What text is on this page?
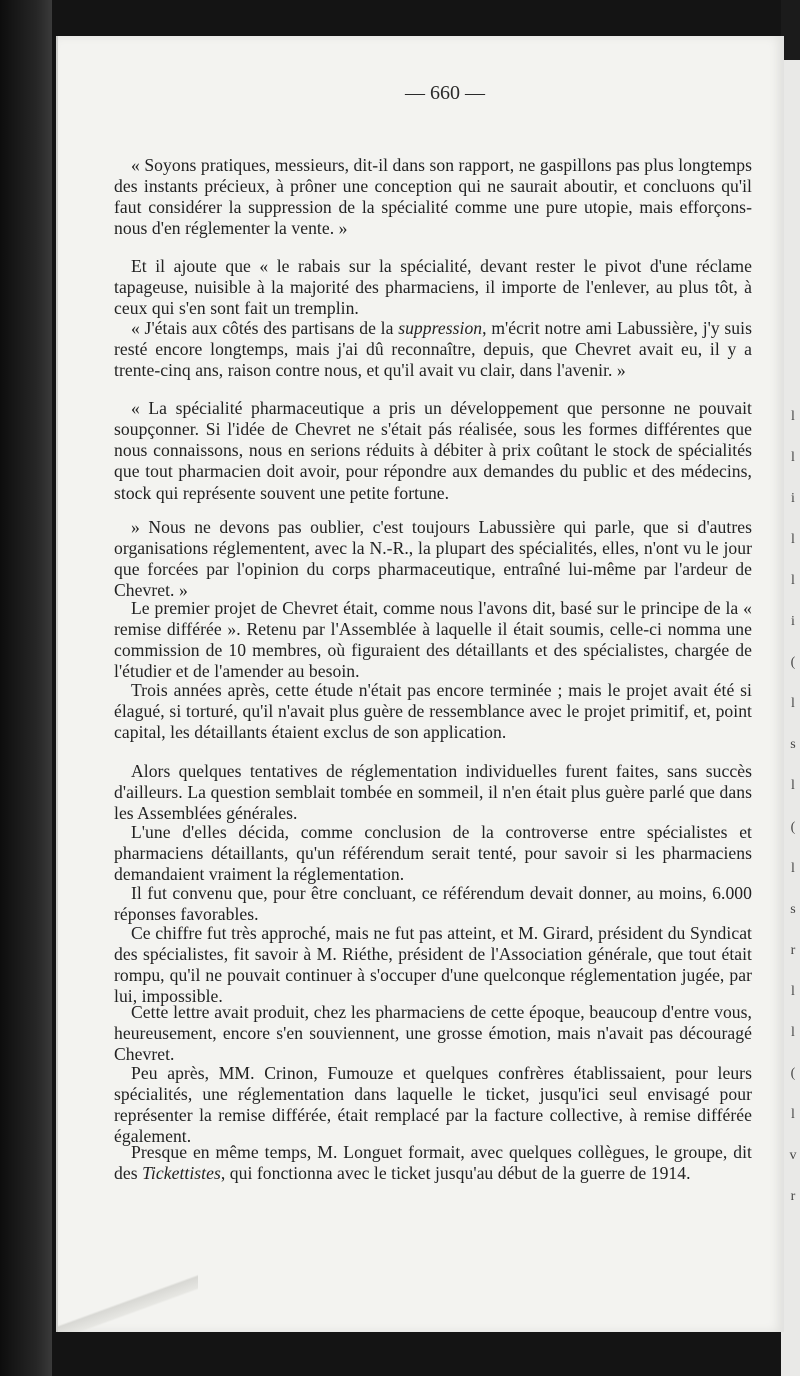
— 660 —
« Soyons pratiques, messieurs, dit-il dans son rapport, ne gaspillons pas plus longtemps des instants précieux, à prôner une conception qui ne saurait aboutir, et concluons qu'il faut considérer la suppression de la spécialité comme une pure utopie, mais efforçons-nous d'en réglementer la vente. »
Et il ajoute que « le rabais sur la spécialité, devant rester le pivot d'une réclame tapageuse, nuisible à la majorité des pharmaciens, il importe de l'enlever, au plus tôt, à ceux qui s'en sont fait un tremplin.
« J'étais aux côtés des partisans de la suppression, m'écrit notre ami Labussière, j'y suis resté encore longtemps, mais j'ai dû reconnaître, depuis, que Chevret avait eu, il y a trente-cinq ans, raison contre nous, et qu'il avait vu clair, dans l'avenir. »
« La spécialité pharmaceutique a pris un développement que personne ne pouvait soupçonner. Si l'idée de Chevret ne s'était pás réalisée, sous les formes différentes que nous connaissons, nous en serions réduits à débiter à prix coûtant le stock de spécialités que tout pharmacien doit avoir, pour répondre aux demandes du public et des médecins, stock qui représente souvent une petite fortune.
» Nous ne devons pas oublier, c'est toujours Labussière qui parle, que si d'autres organisations réglementent, avec la N.-R., la plupart des spécialités, elles, n'ont vu le jour que forcées par l'opinion du corps pharmaceutique, entraîné lui-même par l'ardeur de Chevret. »
Le premier projet de Chevret était, comme nous l'avons dit, basé sur le principe de la « remise différée ». Retenu par l'Assemblée à laquelle il était soumis, celle-ci nomma une commission de 10 membres, où figuraient des détaillants et des spécialistes, chargée de l'étudier et de l'amender au besoin.
Trois années après, cette étude n'était pas encore terminée ; mais le projet avait été si élagué, si torturé, qu'il n'avait plus guère de ressemblance avec le projet primitif, et, point capital, les détaillants étaient exclus de son application.
Alors quelques tentatives de réglementation individuelles furent faites, sans succès d'ailleurs. La question semblait tombée en sommeil, il n'en était plus guère parlé que dans les Assemblées générales.
L'une d'elles décida, comme conclusion de la controverse entre spécialistes et pharmaciens détaillants, qu'un référendum serait tenté, pour savoir si les pharmaciens demandaient vraiment la réglementation.
Il fut convenu que, pour être concluant, ce référendum devait donner, au moins, 6.000 réponses favorables.
Ce chiffre fut très approché, mais ne fut pas atteint, et M. Girard, président du Syndicat des spécialistes, fit savoir à M. Riéthe, président de l'Association générale, que tout était rompu, qu'il ne pouvait continuer à s'occuper d'une quelconque réglementation jugée, par lui, impossible.
Cette lettre avait produit, chez les pharmaciens de cette époque, beaucoup d'entre vous, heureusement, encore s'en souviennent, une grosse émotion, mais n'avait pas découragé Chevret.
Peu après, MM. Crinon, Fumouze et quelques confrères établissaient, pour leurs spécialités, une réglementation dans laquelle le ticket, jusqu'ici seul envisagé pour représenter la remise différée, était remplacé par la facture collective, à remise différée également.
Presque en même temps, M. Longuet formait, avec quelques collègues, le groupe, dit des Tickettistes, qui fonctionna avec le ticket jusqu'au début de la guerre de 1914.
l
l
i
l
l
i
(
l
s
l
(
l
s
r
l
l
(
l
v
r
